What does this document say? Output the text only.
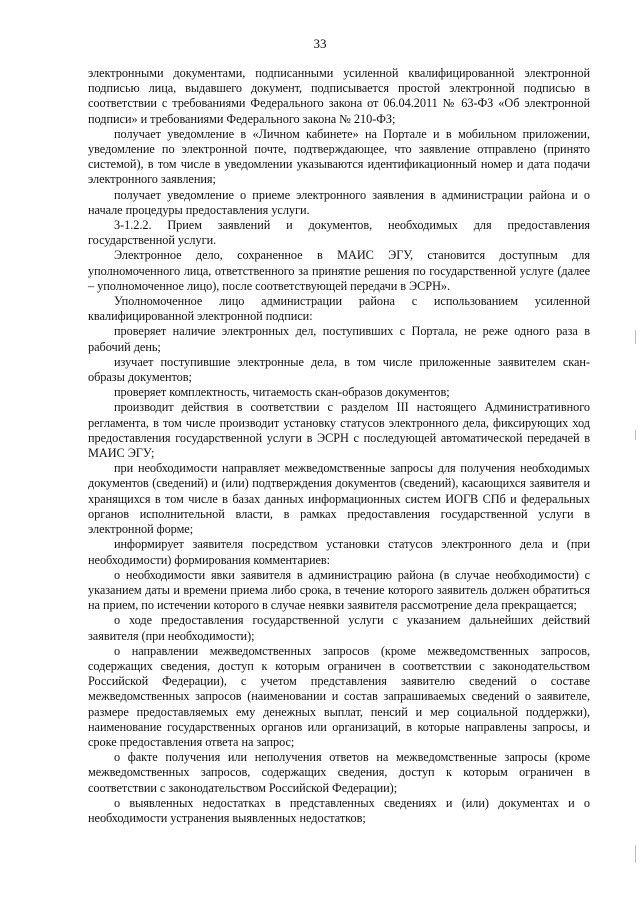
33

электронными документами, подписанными усиленной квалифицированной электронной подписью лица, выдавшего документ, подписывается простой электронной подписью в соответствии с требованиями Федерального закона от 06.04.2011 № 63-ФЗ «Об электронной подписи» и требованиями Федерального закона № 210-ФЗ;

получает уведомление в «Личном кабинете» на Портале и в мобильном приложении, уведомление по электронной почте, подтверждающее, что заявление отправлено (принято системой), в том числе в уведомлении указываются идентификационный номер и дата подачи электронного заявления;

получает уведомление о приеме электронного заявления в администрации района и о начале процедуры предоставления услуги.

3-1.2.2. Прием заявлений и документов, необходимых для предоставления государственной услуги.

Электронное дело, сохраненное в МАИС ЭГУ, становится доступным для уполномоченного лица, ответственного за принятие решения по государственной услуге (далее – уполномоченное лицо), после соответствующей передачи в ЭСРН».

Уполномоченное лицо администрации района с использованием усиленной квалифицированной электронной подписи:

проверяет наличие электронных дел, поступивших с Портала, не реже одного раза в рабочий день;

изучает поступившие электронные дела, в том числе приложенные заявителем скан-образы документов;

проверяет комплектность, читаемость скан-образов документов;

производит действия в соответствии с разделом III настоящего Административного регламента, в том числе производит установку статусов электронного дела, фиксирующих ход предоставления государственной услуги в ЭСРН с последующей автоматической передачей в МАИС ЭГУ;

при необходимости направляет межведомственные запросы для получения необходимых документов (сведений) и (или) подтверждения документов (сведений), касающихся заявителя и хранящихся в том числе в базах данных информационных систем ИОГВ СПб и федеральных органов исполнительной власти, в рамках предоставления государственной услуги в электронной форме;

информирует заявителя посредством установки статусов электронного дела и (при необходимости) формирования комментариев:

о необходимости явки заявителя в администрацию района (в случае необходимости) с указанием даты и времени приема либо срока, в течение которого заявитель должен обратиться на прием, по истечении которого в случае неявки заявителя рассмотрение дела прекращается;

о ходе предоставления государственной услуги с указанием дальнейших действий заявителя (при необходимости);

о направлении межведомственных запросов (кроме межведомственных запросов, содержащих сведения, доступ к которым ограничен в соответствии с законодательством Российской Федерации), с учетом представления заявителю сведений о составе межведомственных запросов (наименовании и состав запрашиваемых сведений о заявителе, размере предоставляемых ему денежных выплат, пенсий и мер социальной поддержки), наименование государственных органов или организаций, в которые направлены запросы, и сроке предоставления ответа на запрос;

о факте получения или неполучения ответов на межведомственные запросы (кроме межведомственных запросов, содержащих сведения, доступ к которым ограничен в соответствии с законодательством Российской Федерации);

о выявленных недостатках в представленных сведениях и (или) документах и о необходимости устранения выявленных недостатков;
